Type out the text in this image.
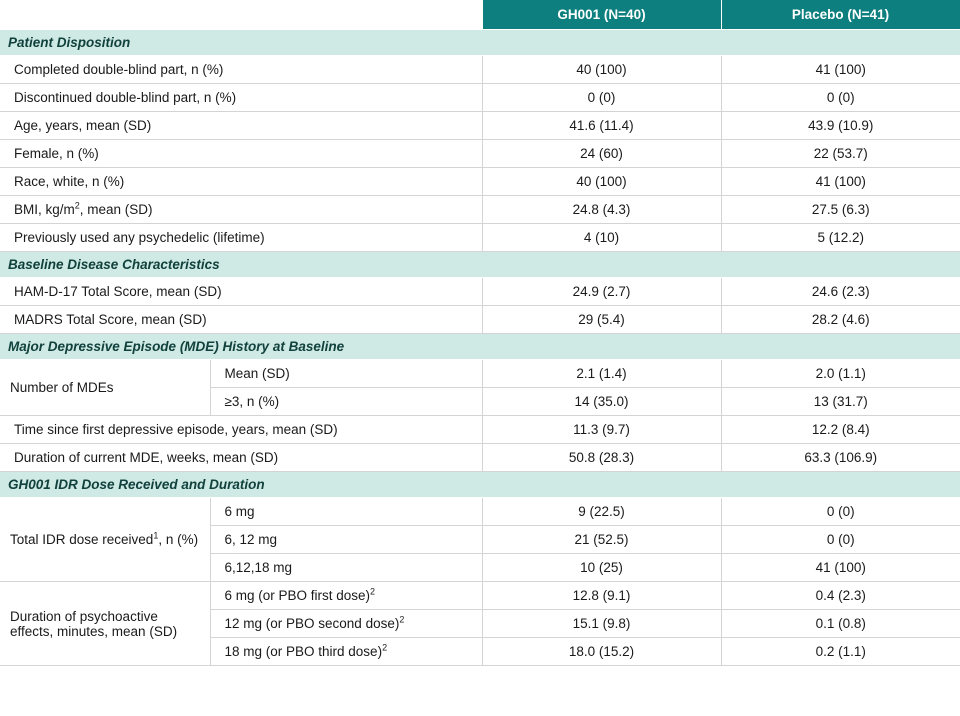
		GH001 (N=40)	Placebo (N=41)
Patient Disposition			
Completed double-blind part, n (%)		40 (100)	41 (100)
Discontinued double-blind part, n (%)		0 (0)	0 (0)
Age, years, mean (SD)		41.6 (11.4)	43.9 (10.9)
Female, n (%)		24 (60)	22 (53.7)
Race, white, n (%)		40 (100)	41 (100)
BMI, $kg/m^2$, mean (SD)		24.8 (4.3)	27.5 (6.3)
Previously used any psychedelic (lifetime)		4 (10)	5 (12.2)
Baseline Disease Characteristics			
HAM-D-17 Total Score, mean (SD)		24.9 (2.7)	24.6 (2.3)
MADRS Total Score, mean (SD)		29 (5.4)	28.2 (4.6)
Major Depressive Episode (MDE) History at Baseline			
Number of MDEs	Mean (SD)	2.1 (1.4)	2.0 (1.1)
	≥3, n (%)	14 (35.0)	13 (31.7)
Time since first depressive episode, years, mean (SD)		11.3 (9.7)	12.2 (8.4)
Duration of current MDE, weeks, mean (SD)		50.8 (28.3)	63.3 (106.9)
GH001 IDR Dose Received and Duration			
Total IDR dose received$^1$, n (%)	6 mg	9 (22.5)	0 (0)
	6, 12 mg	21 (52.5)	0 (0)
	6,12,18 mg	10 (25)	41 (100)
Duration of psychoactive effects, minutes, mean (SD)	6 mg (or PBO first dose)$^2$	12.8 (9.1)	0.4 (2.3)
	12 mg (or PBO second dose)$^2$	15.1 (9.8)	0.1 (0.8)
	18 mg (or PBO third dose)$^2$	18.0 (15.2)	0.2 (1.1)
